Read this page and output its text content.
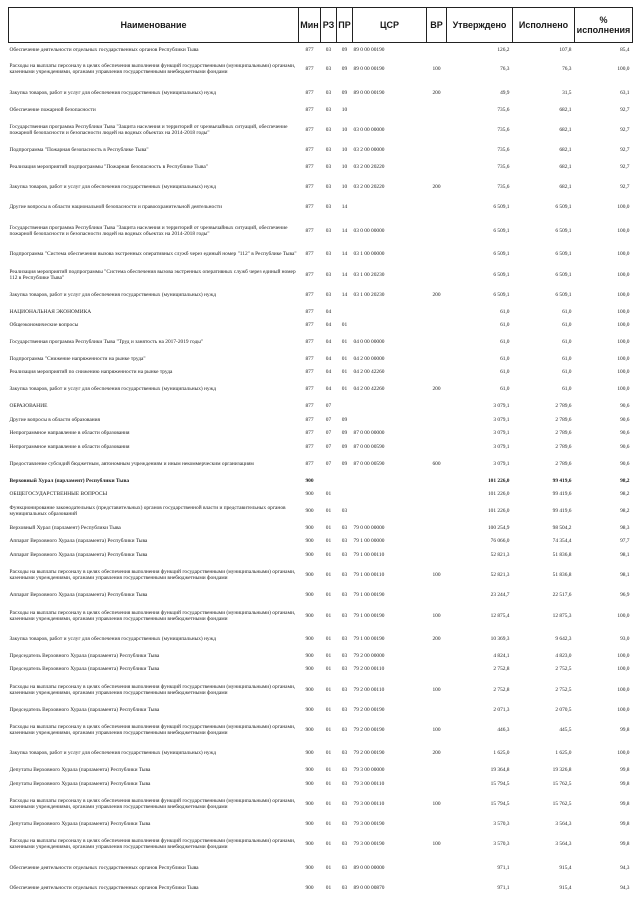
Наименование	Мин	РЗ	ПР	ЦСР	ВР	Утверждено	Исполнено	% исполнения
Обеспечение деятельности отдельных государственных органов Республики Тыва	877	03	09	89 0 00 00190		126,2	107,8	85,4
Расходы на выплаты персоналу в целях обеспечения выполнения функций государственными (муниципальными) органами, казенными учреждениями, органами управления государственными внебюджетными фондами	877	03	09	89 0 00 00190	100	76,3	76,3	100,0
Закупка товаров, работ и услуг для обеспечения государственных (муниципальных) нужд	877	03	09	89 0 00 00190	200	49,9	31,5	63,1
Обеспечение пожарной безопасности	877	03	10			735,6	682,1	92,7
Государственная программа Республики Тыва "Защита населения и территорий от чрезвычайных ситуаций, обеспечение пожарной безопасности и безопасности людей на водных объектах на 2014-2018 годы"	877	03	10	03 0 00 00000		735,6	682,1	92,7
Подпрограмма "Пожарная безопасность в Республике Тыва"	877	03	10	03 2 00 00000		735,6	682,1	92,7
Реализация мероприятий подпрограммы "Пожарная безопасность в Республике Тыва"	877	03	10	03 2 00 20220		735,6	682,1	92,7
Закупка товаров, работ и услуг для обеспечения государственных (муниципальных) нужд	877	03	10	03 2 00 20220	200	735,6	682,1	92,7
Другие вопросы в области национальной безопасности и правоохранительной деятельности	877	03	14			6 509,1	6 509,1	100,0
Государственная программа Республики Тыва "Защита населения и территорий от чрезвычайных ситуаций, обеспечение пожарной безопасности и безопасности людей на водных объектах на 2014-2018 годы"	877	03	14	03 0 00 00000		6 509,1	6 509,1	100,0
Подпрограмма "Система обеспечения вызова экстренных оперативных служб через единый номер "112" в Республике Тыва"	877	03	14	03 1 00 00000		6 509,1	6 509,1	100,0
Реализация мероприятий подпрограммы "Система обеспечения вызова экстренных оперативных служб через единый номер 112 в Республике Тыва"	877	03	14	03 1 00 20230		6 509,1	6 509,1	100,0
Закупка товаров, работ и услуг для обеспечения государственных (муниципальных) нужд	877	03	14	03 1 00 20230	200	6 509,1	6 509,1	100,0
НАЦИОНАЛЬНАЯ ЭКОНОМИКА	877	04				61,0	61,0	100,0
Общеэкономические вопросы	877	04	01			61,0	61,0	100,0
Государственная программа Республики Тыва "Труд и занятость на 2017-2019 годы"	877	04	01	04 0 00 00000		61,0	61,0	100,0
Подпрограмма "Снижение напряженности на рынке труда"	877	04	01	04 2 00 00000		61,0	61,0	100,0
Реализация мероприятий по снижению напряженности на рынке труда	877	04	01	04 2 00 42260		61,0	61,0	100,0
Закупка товаров, работ и услуг для обеспечения государственных (муниципальных) нужд	877	04	01	04 2 00 42260	200	61,0	61,0	100,0
ОБРАЗОВАНИЕ	877	07				3 079,1	2 789,6	90,6
Другие вопросы в области образования	877	07	09			3 079,1	2 789,6	90,6
Непрограммное направление в области образования	877	07	09	87 0 00 00000		3 079,1	2 789,6	90,6
Непрограммное направление в области образования	877	07	09	87 0 00 00590		3 079,1	2 789,6	90,6
Предоставление субсидий бюджетным, автономным учреждениям и иным некоммерческим организациям	877	07	09	87 0 00 00590	600	3 079,1	2 789,6	90,6
Верховный Хурал (парламент) Республики Тыва	900					101 226,0	99 419,6	98,2
ОБЩЕГОСУДАРСТВЕННЫЕ ВОПРОСЫ	900	01				101 226,0	99 419,6	98,2
Функционирование законодательных (представительных) органов государственной власти и представительных органов муниципальных образований	900	01	03			101 226,0	99 419,6	98,2
Верховный Хурал (парламент) Республики Тыва	900	01	03	79 0 00 00000		100 254,9	98 504,2	98,3
Аппарат Верховного Хурала (парламента) Республики Тыва	900	01	03	79 1 00 00000		76 066,0	74 354,4	97,7
Аппарат Верховного Хурала (парламента) Республики Тыва	900	01	03	79 1 00 00110		52 821,3	51 836,8	98,1
Расходы на выплаты персоналу в целях обеспечения выполнения функций государственными (муниципальными) органами, казенными учреждениями, органами управления государственными внебюджетными фондами	900	01	03	79 1 00 00110	100	52 821,3	51 836,8	98,1
Аппарат Верховного Хурала (парламента) Республики Тыва	900	01	03	79 1 00 00190		23 244,7	22 517,6	96,9
Расходы на выплаты персоналу в целях обеспечения выполнения функций государственными (муниципальными) органами, казенными учреждениями, органами управления государственными внебюджетными фондами	900	01	03	79 1 00 00190	100	12 875,4	12 875,3	100,0
Закупка товаров, работ и услуг для обеспечения государственных (муниципальных) нужд	900	01	03	79 1 00 00190	200	10 369,3	9 642,3	93,0
Председатель Верховного Хурала (парламента) Республики Тыва	900	01	03	79 2 00 00000		4 824,1	4 823,0	100,0
Председатель Верховного Хурала (парламента) Республики Тыва	900	01	03	79 2 00 00110		2 752,8	2 752,5	100,0
Расходы на выплаты персоналу в целях обеспечения выполнения функций государственными (муниципальными) органами, казенными учреждениями, органами управления государственными внебюджетными фондами	900	01	03	79 2 00 00110	100	2 752,8	2 752,5	100,0
Председатель Верховного Хурала (парламента) Республики Тыва	900	01	03	79 2 00 00190		2 071,3	2 070,5	100,0
Расходы на выплаты персоналу в целях обеспечения выполнения функций государственными (муниципальными) органами, казенными учреждениями, органами управления государственными внебюджетными фондами	900	01	03	79 2 00 00190	100	446,3	445,5	99,8
Закупка товаров, работ и услуг для обеспечения государственных (муниципальных) нужд	900	01	03	79 2 00 00190	200	1 625,0	1 625,0	100,0
Депутаты Верховного Хурала (парламента) Республики Тыва	900	01	03	79 3 00 00000		19 364,8	19 326,8	99,8
Депутаты Верховного Хурала (парламента) Республики Тыва	900	01	03	79 3 00 00110		15 794,5	15 762,5	99,8
Расходы на выплаты персоналу в целях обеспечения выполнения функций государственными (муниципальными) органами, казенными учреждениями, органами управления государственными внебюджетными фондами	900	01	03	79 3 00 00110	100	15 794,5	15 762,5	99,8
Депутаты Верховного Хурала (парламента) Республики Тыва	900	01	03	79 3 00 00190		3 570,3	3 564,3	99,8
Расходы на выплаты персоналу в целях обеспечения выполнения функций государственными (муниципальными) органами, казенными учреждениями, органами управления государственными внебюджетными фондами	900	01	03	79 3 00 00190	100	3 570,3	3 564,3	99,8
Обеспечение деятельности отдельных государственных органов Республики Тыва	900	01	03	89 0 00 00000		971,1	915,4	94,3
Обеспечение деятельности отдельных государственных органов Республики Тыва	900	01	03	89 0 00 00870		971,1	915,4	94,3
